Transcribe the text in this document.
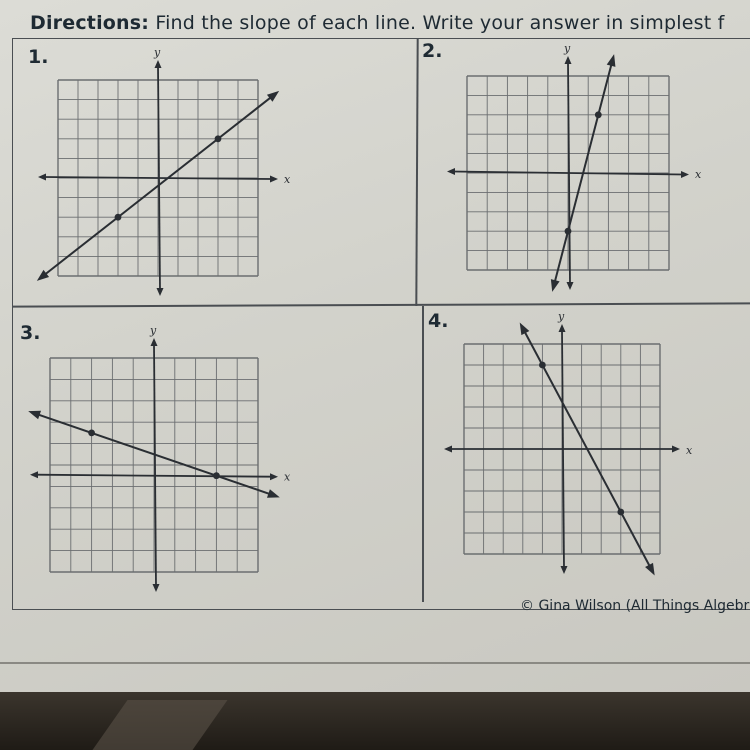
Directions: Find the slope of each line. Write your answer in simplest f
1.	2.
3.
4.
x
y
x
y
x
y
x
y
© Gina Wilson (All Things Algebr
